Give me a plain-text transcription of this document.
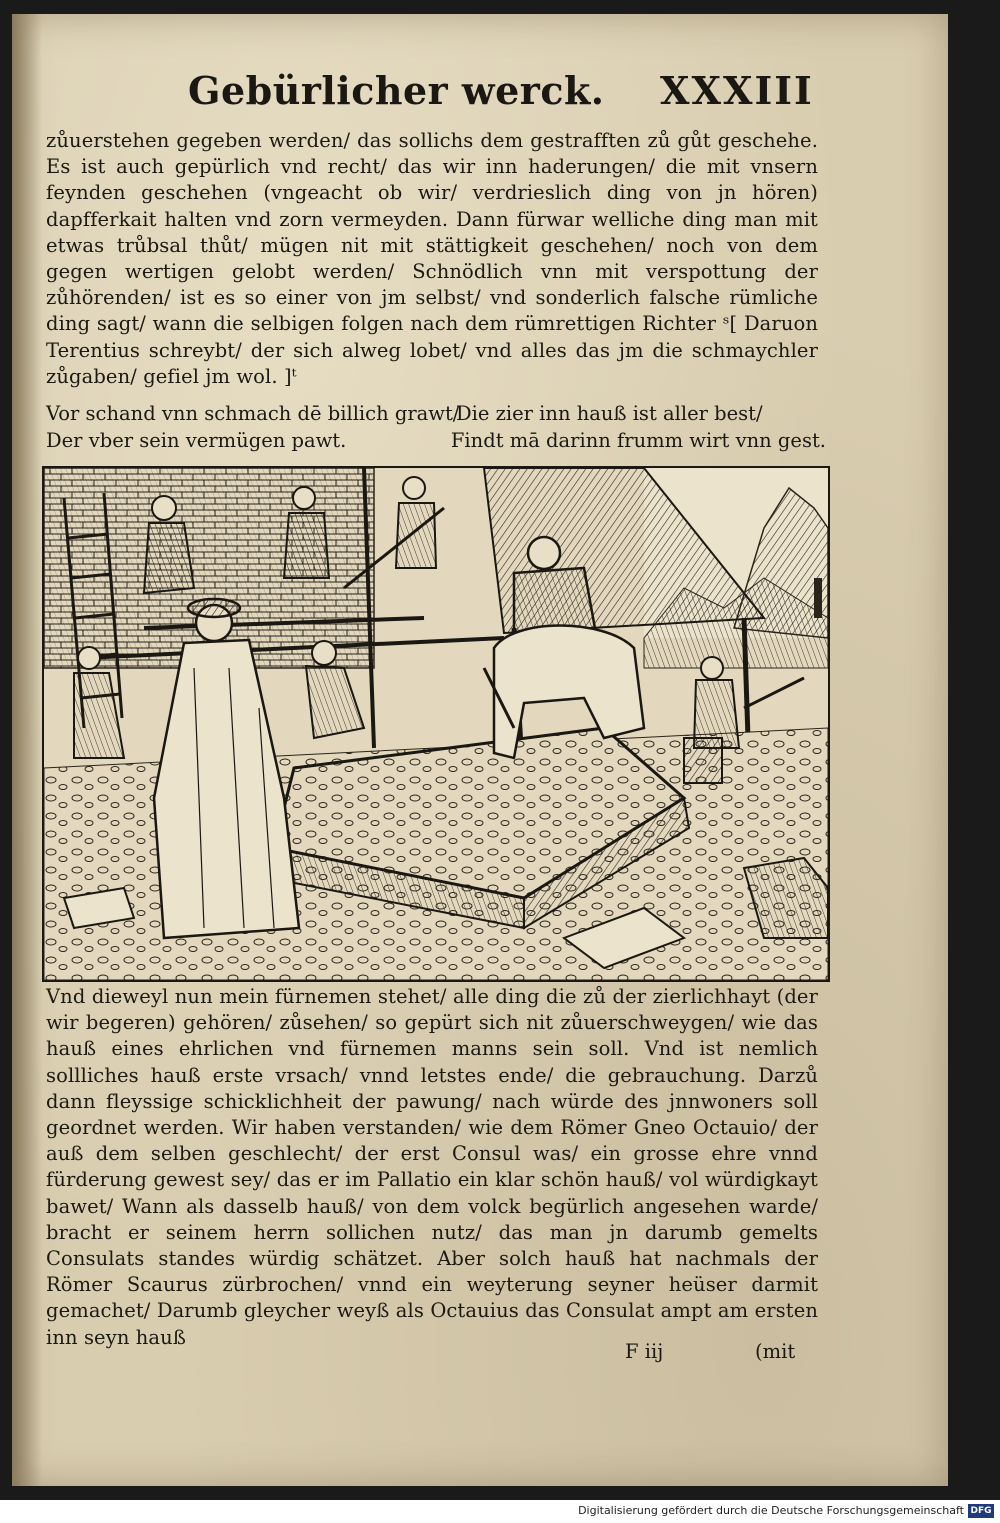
Gebürlicher werck. XXXIII
zůuerstehen gegeben werden/ das sollichs dem gestrafften zů gůt geschehe. Es ist auch gepürlich vnd recht/ das wir inn haderungen/ die mit vnsern feynden geschehen (vngeacht ob wir/ verdrieslich ding von jn hören) dapfferkait halten vnd zorn vermeyden. Dann fürwar welliche ding man mit etwas trůbsal thůt/ mügen nit mit stättigkeit geschehen/ noch von dem gegen wertigen gelobt werden/ Schnödlich vnn mit verspottung der zůhörenden/ ist es so einer von jm selbst/ vnd sonderlich falsche rümliche ding sagt/ wann die selbigen folgen nach dem rümrettigen Richter ˢ[ Daruon Terentius schreybt/ der sich alweg lobet/ vnd alles das jm die schmaychler zůgaben/ gefiel jm wol. ]ᵗ
Vor schand vnn schmach dē billich grawt/
Die zier inn hauß ist aller best/
Der vber sein vermügen pawt.	Findt mā darinn frumm wirt vnn gest.
Vnd dieweyl nun mein fürnemen stehet/ alle ding die zů der zierlichhayt (der wir begeren) gehören/ zůsehen/ so gepürt sich nit zůuerschweygen/ wie das hauß eines ehrlichen vnd fürnemen manns sein soll. Vnd ist nemlich sollliches hauß erste vrsach/ vnnd letstes ende/ die gebrauchung. Darzů dann fleyssige schicklichheit der pawung/ nach würde des jnnwoners soll geordnet werden. Wir haben verstanden/ wie dem Römer Gneo Octauio/ der auß dem selben geschlecht/ der erst Consul was/ ein grosse ehre vnnd fürderung gewest sey/ das er im Pallatio ein klar schön hauß/ vol würdigkayt bawet/ Wann als dasselb hauß/ von dem volck begürlich angesehen warde/ bracht er seinem herrn sollichen nutz/ das man jn darumb gemelts Consulats standes würdig schätzet. Aber solch hauß hat nachmals der Römer Scaurus zürbrochen/ vnnd ein weyterung seyner heüser darmit gemachet/ Darumb gleycher weyß als Octauius das Consulat ampt am ersten inn seyn hauß
F iij	(mit
Digitalisierung gefördert durch die Deutsche Forschungsgemeinschaft DFG
